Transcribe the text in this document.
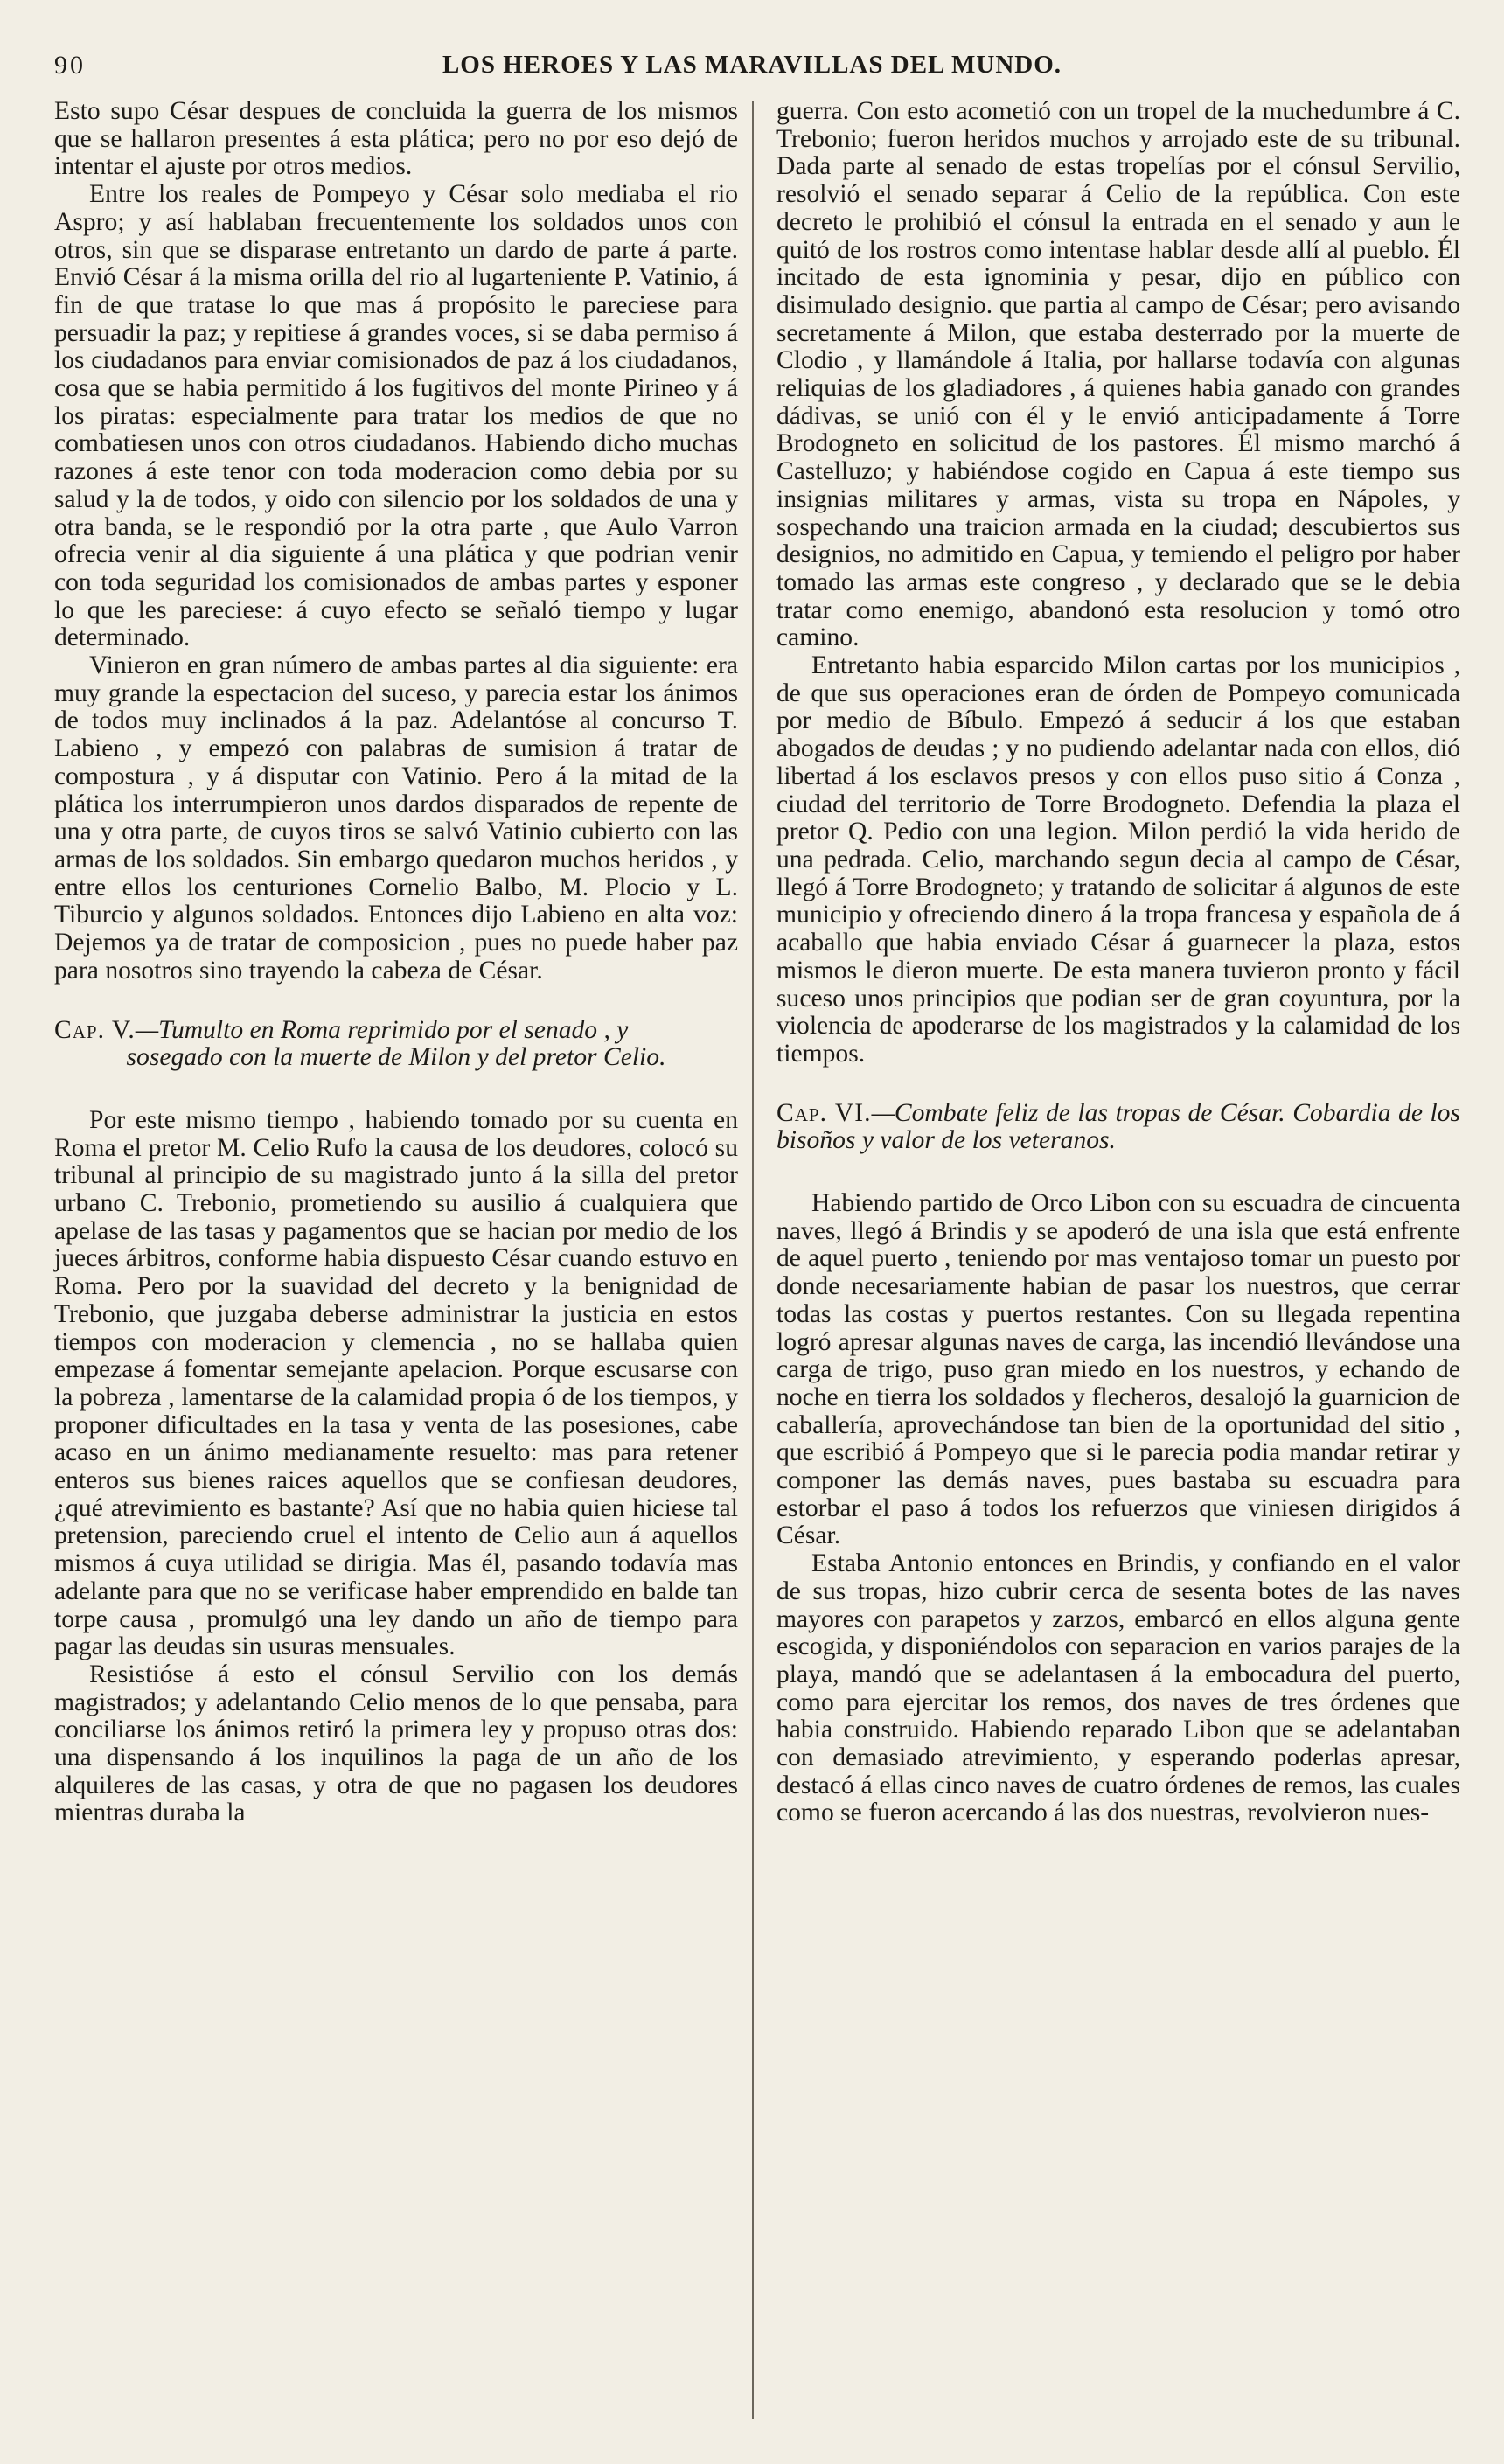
90	LOS HEROES Y LAS MARAVILLAS DEL MUNDO.

Esto supo César despues de concluida la guerra de los mismos que se hallaron presentes á esta plática; pero no por eso dejó de intentar el ajuste por otros medios.

Entre los reales de Pompeyo y César solo mediaba el rio Aspro; y así hablaban frecuentemente los soldados unos con otros, sin que se disparase entretanto un dardo de parte á parte. Envió César á la misma orilla del rio al lugarteniente P. Vatinio, á fin de que tratase lo que mas á propósito le pareciese para persuadir la paz; y repitiese á grandes voces, si se daba permiso á los ciudadanos para enviar comisionados de paz á los ciudadanos, cosa que se habia permitido á los fugitivos del monte Pirineo y á los piratas: especialmente para tratar los medios de que no combatiesen unos con otros ciudadanos. Habiendo dicho muchas razones á este tenor con toda moderacion como debia por su salud y la de todos, y oido con silencio por los soldados de una y otra banda, se le respondió por la otra parte , que Aulo Varron ofrecia venir al dia siguiente á una plática y que podrian venir con toda seguridad los comisionados de ambas partes y esponer lo que les pareciese: á cuyo efecto se señaló tiempo y lugar determinado.

Vinieron en gran número de ambas partes al dia siguiente: era muy grande la espectacion del suceso, y parecia estar los ánimos de todos muy inclinados á la paz. Adelantóse al concurso T. Labieno , y empezó con palabras de sumision á tratar de compostura , y á disputar con Vatinio. Pero á la mitad de la plática los interrumpieron unos dardos disparados de repente de una y otra parte, de cuyos tiros se salvó Vatinio cubierto con las armas de los soldados. Sin embargo quedaron muchos heridos , y entre ellos los centuriones Cornelio Balbo, M. Plocio y L. Tiburcio y algunos soldados. Entonces dijo Labieno en alta voz: Dejemos ya de tratar de composicion , pues no puede haber paz para nosotros sino trayendo la cabeza de César.

Cap. V.—Tumulto en Roma reprimido por el senado , y
sosegado con la muerte de Milon y del pretor Celio.

Por este mismo tiempo , habiendo tomado por su cuenta en Roma el pretor M. Celio Rufo la causa de los deudores, colocó su tribunal al principio de su magistrado junto á la silla del pretor urbano C. Trebonio, prometiendo su ausilio á cualquiera que apelase de las tasas y pagamentos que se hacian por medio de los jueces árbitros, conforme habia dispuesto César cuando estuvo en Roma. Pero por la suavidad del decreto y la benignidad de Trebonio, que juzgaba deberse administrar la justicia en estos tiempos con moderacion y clemencia , no se hallaba quien empezase á fomentar semejante apelacion. Porque escusarse con la pobreza , lamentarse de la calamidad propia ó de los tiempos, y proponer dificultades en la tasa y venta de las posesiones, cabe acaso en un ánimo medianamente resuelto: mas para retener enteros sus bienes raices aquellos que se confiesan deudores, ¿qué atrevimiento es bastante? Así que no habia quien hiciese tal pretension, pareciendo cruel el intento de Celio aun á aquellos mismos á cuya utilidad se dirigia. Mas él, pasando todavía mas adelante para que no se verificase haber emprendido en balde tan torpe causa , promulgó una ley dando un año de tiempo para pagar las deudas sin usuras mensuales.

Resistióse á esto el cónsul Servilio con los demás magistrados; y adelantando Celio menos de lo que pensaba, para conciliarse los ánimos retiró la primera ley y propuso otras dos: una dispensando á los inquilinos la paga de un año de los alquileres de las casas, y otra de que no pagasen los deudores mientras duraba la

guerra. Con esto acometió con un tropel de la muchedumbre á C. Trebonio; fueron heridos muchos y arrojado este de su tribunal. Dada parte al senado de estas tropelías por el cónsul Servilio, resolvió el senado separar á Celio de la república. Con este decreto le prohibió el cónsul la entrada en el senado y aun le quitó de los rostros como intentase hablar desde allí al pueblo. Él incitado de esta ignominia y pesar, dijo en público con disimulado designio. que partia al campo de César; pero avisando secretamente á Milon, que estaba desterrado por la muerte de Clodio , y llamándole á Italia, por hallarse todavía con algunas reliquias de los gladiadores , á quienes habia ganado con grandes dádivas, se unió con él y le envió anticipadamente á Torre Brodogneto en solicitud de los pastores. Él mismo marchó á Castelluzo; y habiéndose cogido en Capua á este tiempo sus insignias militares y armas, vista su tropa en Nápoles, y sospechando una traicion armada en la ciudad; descubiertos sus designios, no admitido en Capua, y temiendo el peligro por haber tomado las armas este congreso , y declarado que se le debia tratar como enemigo, abandonó esta resolucion y tomó otro camino.

Entretanto habia esparcido Milon cartas por los municipios , de que sus operaciones eran de órden de Pompeyo comunicada por medio de Bíbulo. Empezó á seducir á los que estaban abogados de deudas ; y no pudiendo adelantar nada con ellos, dió libertad á los esclavos presos y con ellos puso sitio á Conza , ciudad del territorio de Torre Brodogneto. Defendia la plaza el pretor Q. Pedio con una legion. Milon perdió la vida herido de una pedrada. Celio, marchando segun decia al campo de César, llegó á Torre Brodogneto; y tratando de solicitar á algunos de este municipio y ofreciendo dinero á la tropa francesa y española de á acaballo que habia enviado César á guarnecer la plaza, estos mismos le dieron muerte. De esta manera tuvieron pronto y fácil suceso unos principios que podian ser de gran coyuntura, por la violencia de apoderarse de los magistrados y la calamidad de los tiempos.

Cap. VI.—Combate feliz de las tropas de César. Cobardia de los bisoños y valor de los veteranos.

Habiendo partido de Orco Libon con su escuadra de cincuenta naves, llegó á Brindis y se apoderó de una isla que está enfrente de aquel puerto , teniendo por mas ventajoso tomar un puesto por donde necesariamente habian de pasar los nuestros, que cerrar todas las costas y puertos restantes. Con su llegada repentina logró apresar algunas naves de carga, las incendió llevándose una carga de trigo, puso gran miedo en los nuestros, y echando de noche en tierra los soldados y flecheros, desalojó la guarnicion de caballería, aprovechándose tan bien de la oportunidad del sitio , que escribió á Pompeyo que si le parecia podia mandar retirar y componer las demás naves, pues bastaba su escuadra para estorbar el paso á todos los refuerzos que viniesen dirigidos á César.

Estaba Antonio entonces en Brindis, y confiando en el valor de sus tropas, hizo cubrir cerca de sesenta botes de las naves mayores con parapetos y zarzos, embarcó en ellos alguna gente escogida, y disponiéndolos con separacion en varios parajes de la playa, mandó que se adelantasen á la embocadura del puerto, como para ejercitar los remos, dos naves de tres órdenes que habia construido. Habiendo reparado Libon que se adelantaban con demasiado atrevimiento, y esperando poderlas apresar, destacó á ellas cinco naves de cuatro órdenes de remos, las cuales como se fueron acercando á las dos nuestras, revolvieron nues-
